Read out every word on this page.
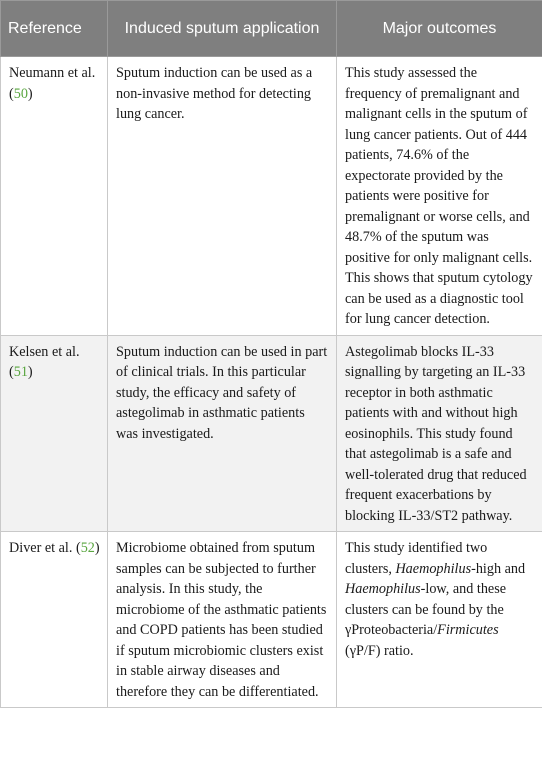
Reference	Induced sputum application	Major outcomes
Neumann et al. (50)	Sputum induction can be used as a non-invasive method for detecting lung cancer.	This study assessed the frequency of premalignant and malignant cells in the sputum of lung cancer patients. Out of 444 patients, 74.6% of the expectorate provided by the patients were positive for premalignant or worse cells, and 48.7% of the sputum was positive for only malignant cells. This shows that sputum cytology can be used as a diagnostic tool for lung cancer detection.
Kelsen et al. (51)	Sputum induction can be used in part of clinical trials. In this particular study, the efficacy and safety of astegolimab in asthmatic patients was investigated.	Astegolimab blocks IL-33 signalling by targeting an IL-33 receptor in both asthmatic patients with and without high eosinophils. This study found that astegolimab is a safe and well-tolerated drug that reduced frequent exacerbations by blocking IL-33/ST2 pathway.
Diver et al. (52)	Microbiome obtained from sputum samples can be subjected to further analysis. In this study, the microbiome of the asthmatic patients and COPD patients has been studied if sputum microbiomic clusters exist in stable airway diseases and therefore they can be differentiated.	This study identified two clusters, Haemophilus-high and Haemophilus-low, and these clusters can be found by the γProteobacteria/Firmicutes (γP/F) ratio.
